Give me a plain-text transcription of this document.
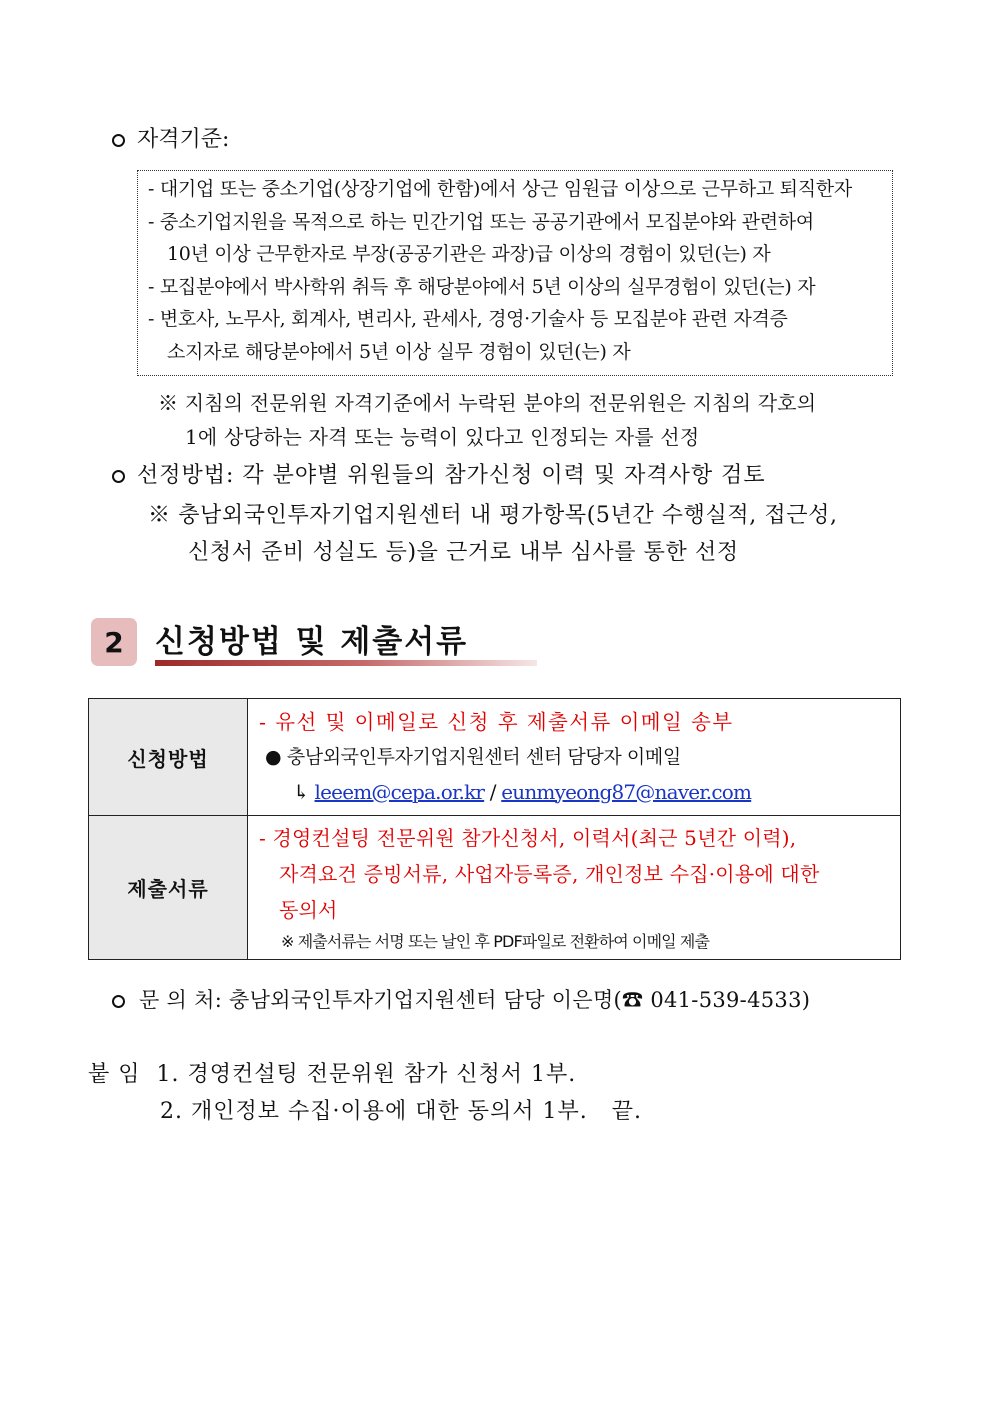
자격기준:
- 대기업 또는 중소기업(상장기업에 한함)에서 상근 임원급 이상으로 근무하고 퇴직한자
- 중소기업지원을 목적으로 하는 민간기업 또는 공공기관에서 모집분야와 관련하여
10년 이상 근무한자로 부장(공공기관은 과장)급 이상의 경험이 있던(는) 자
- 모집분야에서 박사학위 취득 후 해당분야에서 5년 이상의 실무경험이 있던(는) 자
- 변호사, 노무사, 회계사, 변리사, 관세사, 경영·기술사 등 모집분야 관련 자격증
소지자로 해당분야에서 5년 이상 실무 경험이 있던(는) 자
※ 지침의 전문위원 자격기준에서 누락된 분야의 전문위원은 지침의 각호의
1에 상당하는 자격 또는 능력이 있다고 인정되는 자를 선정
선정방법: 각 분야별 위원들의 참가신청 이력 및 자격사항 검토
※ 충남외국인투자기업지원센터 내 평가항목(5년간 수행실적, 접근성,
신청서 준비 성실도 등)을 근거로 내부 심사를 통한 선정
2	신청방법 및 제출서류
신청방법	- 유선 및 이메일로 신청 후 제출서류 이메일 송부
● 충남외국인투자기업지원센터 센터 담당자 이메일
↳ leeem@cepa.or.kr / eunmyeong87@naver.com

제출서류	- 경영컨설팅 전문위원 참가신청서, 이력서(최근 5년간 이력),
자격요건 증빙서류, 사업자등록증, 개인정보 수집·이용에 대한
동의서
※ 제출서류는 서명 또는 날인 후 PDF파일로 전환하여 이메일 제출
문 의 처: 충남외국인투자기업지원센터 담당 이은명(☎ 041-539-4533)
붙 임  1. 경영컨설팅 전문위원 참가 신청서 1부.
2. 개인정보 수집·이용에 대한 동의서 1부.   끝.
